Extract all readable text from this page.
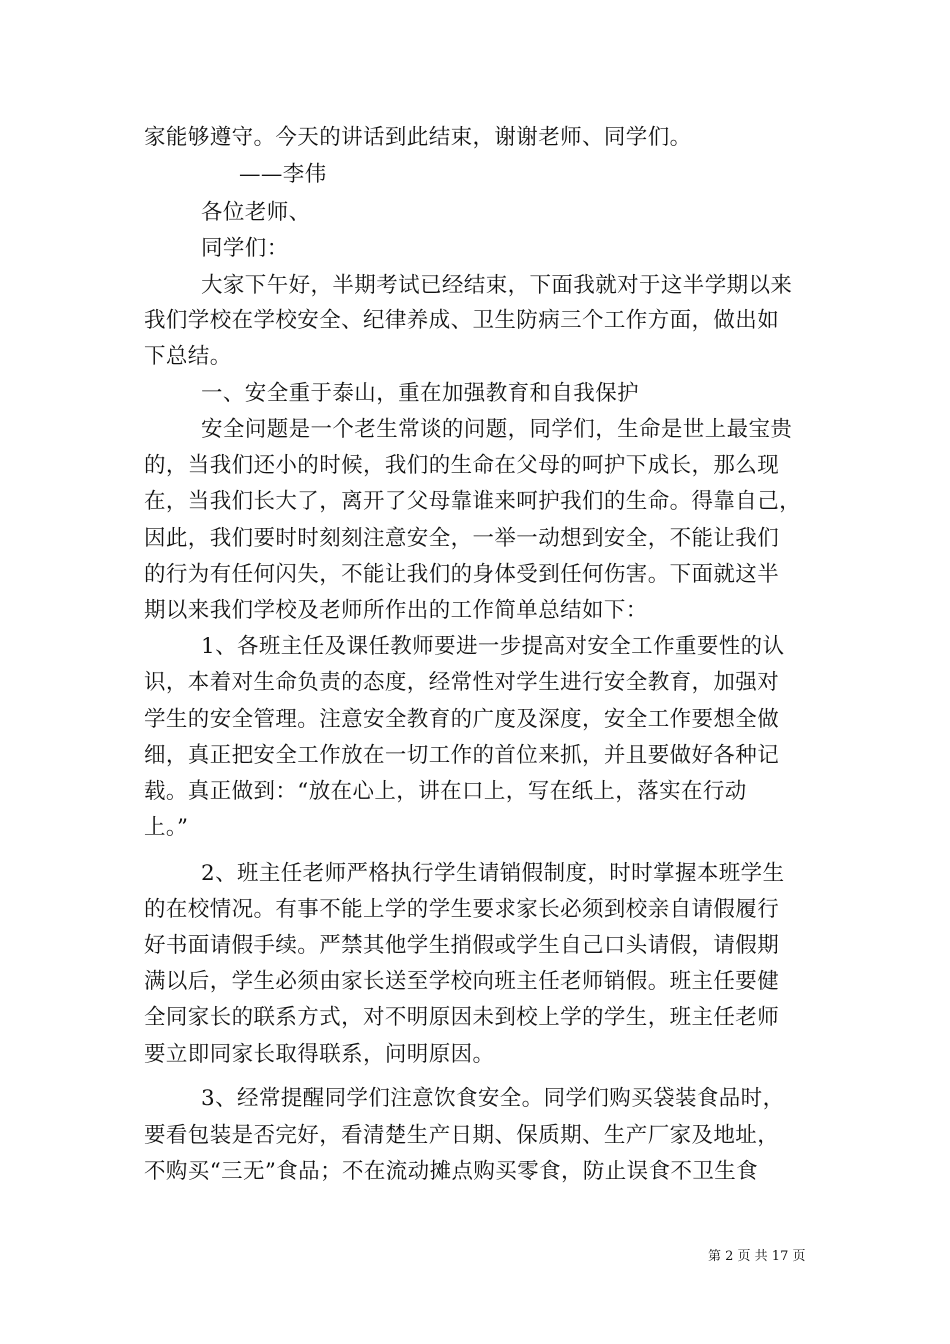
家能够遵守。今天的讲话到此结束，谢谢老师、同学们。
——李伟
各位老师、
同学们：
大家下午好，半期考试已经结束，下面我就对于这半学期以来
我们学校在学校安全、纪律养成、卫生防病三个工作方面，做出如
下总结。
一、安全重于泰山，重在加强教育和自我保护
安全问题是一个老生常谈的问题，同学们，生命是世上最宝贵
的，当我们还小的时候，我们的生命在父母的呵护下成长，那么现
在，当我们长大了，离开了父母靠谁来呵护我们的生命。得靠自己，
因此，我们要时时刻刻注意安全，一举一动想到安全，不能让我们
的行为有任何闪失，不能让我们的身体受到任何伤害。下面就这半
期以来我们学校及老师所作出的工作简单总结如下：
1、各班主任及课任教师要进一步提高对安全工作重要性的认
识，本着对生命负责的态度，经常性对学生进行安全教育，加强对
学生的安全管理。注意安全教育的广度及深度，安全工作要想全做
细，真正把安全工作放在一切工作的首位来抓，并且要做好各种记
载。真正做到：“放在心上，讲在口上，写在纸上，落实在行动
上。”
2、班主任老师严格执行学生请销假制度，时时掌握本班学生
的在校情况。有事不能上学的学生要求家长必须到校亲自请假履行
好书面请假手续。严禁其他学生捎假或学生自己口头请假，请假期
满以后，学生必须由家长送至学校向班主任老师销假。班主任要健
全同家长的联系方式，对不明原因未到校上学的学生，班主任老师
要立即同家长取得联系，问明原因。
3、经常提醒同学们注意饮食安全。同学们购买袋装食品时，
要看包装是否完好，看清楚生产日期、保质期、生产厂家及地址，
不购买“三无”食品；不在流动摊点购买零食，防止误食不卫生食
第 2 页 共 17 页
